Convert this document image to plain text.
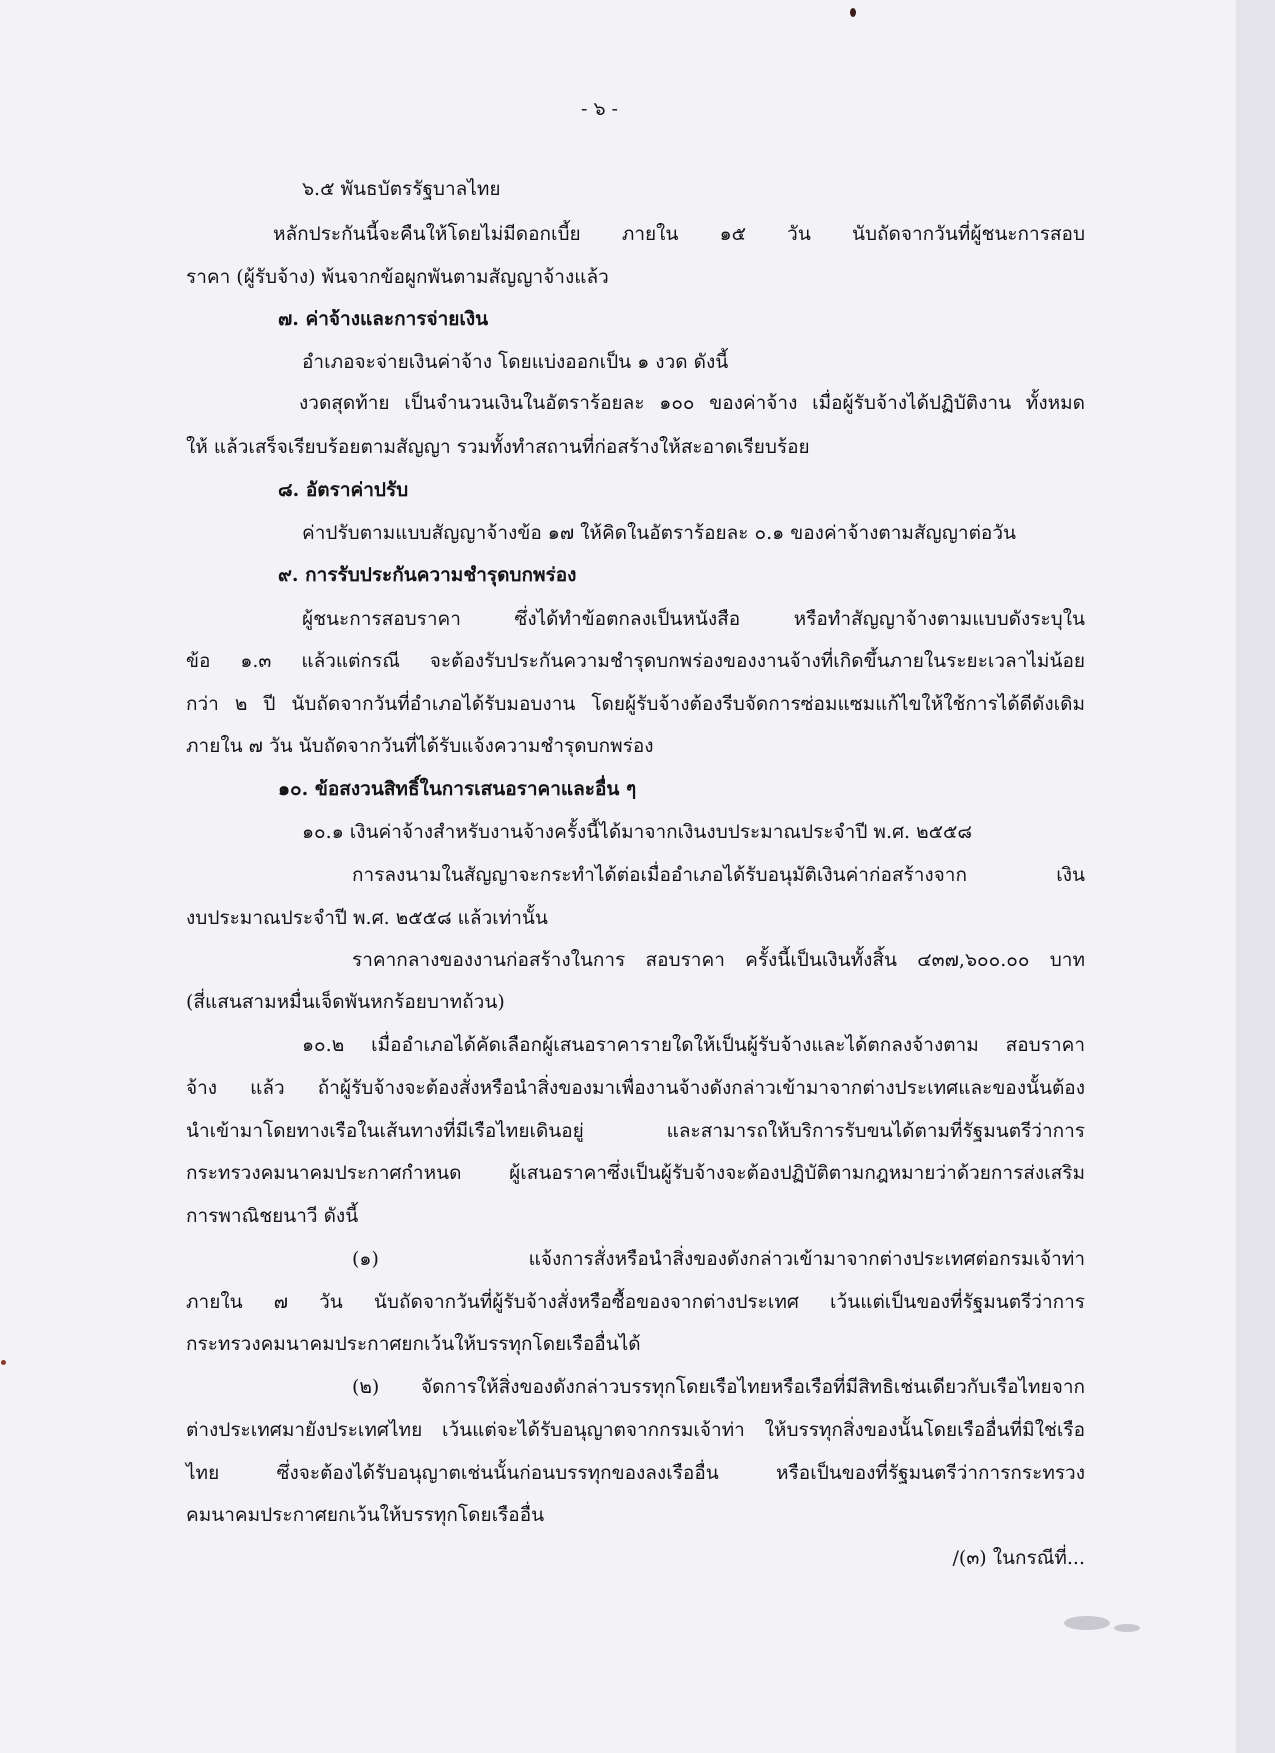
- ๖ -
๖.๕ พันธบัตรรัฐบาลไทย
หลักประกันนี้จะคืนให้โดยไม่มีดอกเบี้ย ภายใน ๑๕ วัน นับถัดจากวันที่ผู้ชนะการสอบ
ราคา (ผู้รับจ้าง) พ้นจากข้อผูกพันตามสัญญาจ้างแล้ว
๗. ค่าจ้างและการจ่ายเงิน
อำเภอจะจ่ายเงินค่าจ้าง โดยแบ่งออกเป็น ๑ งวด ดังนี้
งวดสุดท้าย เป็นจำนวนเงินในอัตราร้อยละ ๑๐๐ ของค่าจ้าง เมื่อผู้รับจ้างได้ปฏิบัติงาน ทั้งหมด
ให้ แล้วเสร็จเรียบร้อยตามสัญญา รวมทั้งทำสถานที่ก่อสร้างให้สะอาดเรียบร้อย
๘. อัตราค่าปรับ
ค่าปรับตามแบบสัญญาจ้างข้อ ๑๗ ให้คิดในอัตราร้อยละ ๐.๑ ของค่าจ้างตามสัญญาต่อวัน
๙. การรับประกันความชำรุดบกพร่อง
ผู้ชนะการสอบราคา ซึ่งได้ทำข้อตกลงเป็นหนังสือ หรือทำสัญญาจ้างตามแบบดังระบุใน
ข้อ ๑.๓ แล้วแต่กรณี จะต้องรับประกันความชำรุดบกพร่องของงานจ้างที่เกิดขึ้นภายในระยะเวลาไม่น้อย
กว่า ๒ ปี นับถัดจากวันที่อำเภอได้รับมอบงาน โดยผู้รับจ้างต้องรีบจัดการซ่อมแซมแก้ไขให้ใช้การได้ดีดังเดิม
ภายใน ๗ วัน นับถัดจากวันที่ได้รับแจ้งความชำรุดบกพร่อง
๑๐. ข้อสงวนสิทธิ์ในการเสนอราคาและอื่น ๆ
๑๐.๑ เงินค่าจ้างสำหรับงานจ้างครั้งนี้ได้มาจากเงินงบประมาณประจำปี พ.ศ. ๒๕๕๘
การลงนามในสัญญาจะกระทำได้ต่อเมื่ออำเภอได้รับอนุมัติเงินค่าก่อสร้างจาก เงิน
งบประมาณประจำปี พ.ศ. ๒๕๕๘ แล้วเท่านั้น
ราคากลางของงานก่อสร้างในการ สอบราคา ครั้งนี้เป็นเงินทั้งสิ้น ๔๓๗,๖๐๐.๐๐ บาท
(สี่แสนสามหมื่นเจ็ดพันหกร้อยบาทถ้วน)
๑๐.๒ เมื่ออำเภอได้คัดเลือกผู้เสนอราคารายใดให้เป็นผู้รับจ้างและได้ตกลงจ้างตาม สอบราคา
จ้าง แล้ว ถ้าผู้รับจ้างจะต้องสั่งหรือนำสิ่งของมาเพื่องานจ้างดังกล่าวเข้ามาจากต่างประเทศและของนั้นต้อง
นำเข้ามาโดยทางเรือในเส้นทางที่มีเรือไทยเดินอยู่ และสามารถให้บริการรับขนได้ตามที่รัฐมนตรีว่าการ
กระทรวงคมนาคมประกาศกำหนด ผู้เสนอราคาซึ่งเป็นผู้รับจ้างจะต้องปฏิบัติตามกฎหมายว่าด้วยการส่งเสริม
การพาณิชยนาวี ดังนี้
(๑) แจ้งการสั่งหรือนำสิ่งของดังกล่าวเข้ามาจากต่างประเทศต่อกรมเจ้าท่า
ภายใน ๗ วัน นับถัดจากวันที่ผู้รับจ้างสั่งหรือซื้อของจากต่างประเทศ เว้นแต่เป็นของที่รัฐมนตรีว่าการ
กระทรวงคมนาคมประกาศยกเว้นให้บรรทุกโดยเรืออื่นได้
(๒) จัดการให้สิ่งของดังกล่าวบรรทุกโดยเรือไทยหรือเรือที่มีสิทธิเช่นเดียวกับเรือไทยจาก
ต่างประเทศมายังประเทศไทย เว้นแต่จะได้รับอนุญาตจากกรมเจ้าท่า ให้บรรทุกสิ่งของนั้นโดยเรืออื่นที่มิใช่เรือ
ไทย ซึ่งจะต้องได้รับอนุญาตเช่นนั้นก่อนบรรทุกของลงเรืออื่น หรือเป็นของที่รัฐมนตรีว่าการกระทรวง
คมนาคมประกาศยกเว้นให้บรรทุกโดยเรืออื่น
/(๓) ในกรณีที่...
